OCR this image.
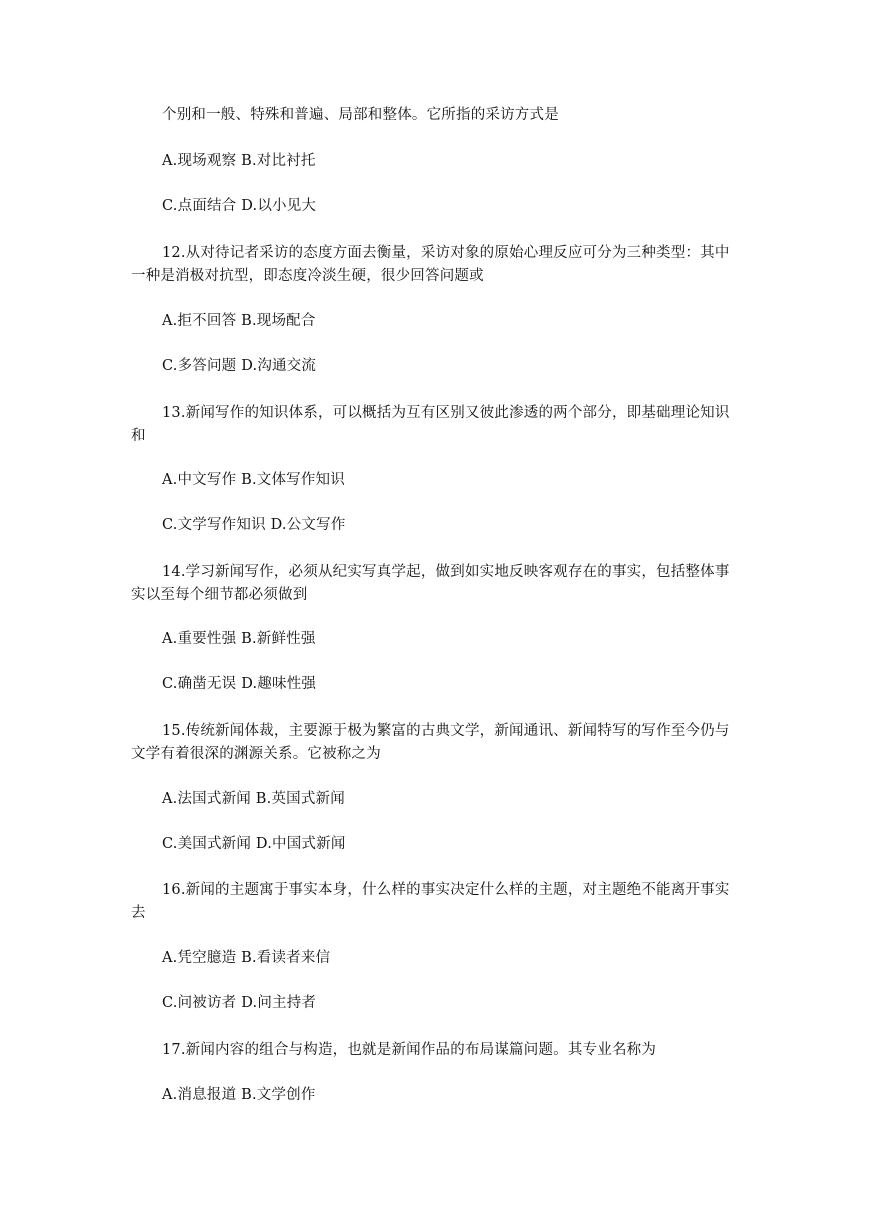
个别和一般、特殊和普遍、局部和整体。它所指的采访方式是

A.现场观察 B.对比衬托

C.点面结合 D.以小见大

12.从对待记者采访的态度方面去衡量，采访对象的原始心理反应可分为三种类型：其中一种是消极对抗型，即态度冷淡生硬，很少回答问题或

A.拒不回答 B.现场配合

C.多答问题 D.沟通交流

13.新闻写作的知识体系，可以概括为互有区别又彼此渗透的两个部分，即基础理论知识和

A.中文写作 B.文体写作知识

C.文学写作知识 D.公文写作

14.学习新闻写作，必须从纪实写真学起，做到如实地反映客观存在的事实，包括整体事实以至每个细节都必须做到

A.重要性强 B.新鲜性强

C.确凿无误 D.趣味性强

15.传统新闻体裁，主要源于极为繁富的古典文学，新闻通讯、新闻特写的写作至今仍与文学有着很深的渊源关系。它被称之为

A.法国式新闻 B.英国式新闻

C.美国式新闻 D.中国式新闻

16.新闻的主题寓于事实本身，什么样的事实决定什么样的主题，对主题绝不能离开事实去

A.凭空臆造 B.看读者来信

C.问被访者 D.问主持者

17.新闻内容的组合与构造，也就是新闻作品的布局谋篇问题。其专业名称为

A.消息报道 B.文学创作
